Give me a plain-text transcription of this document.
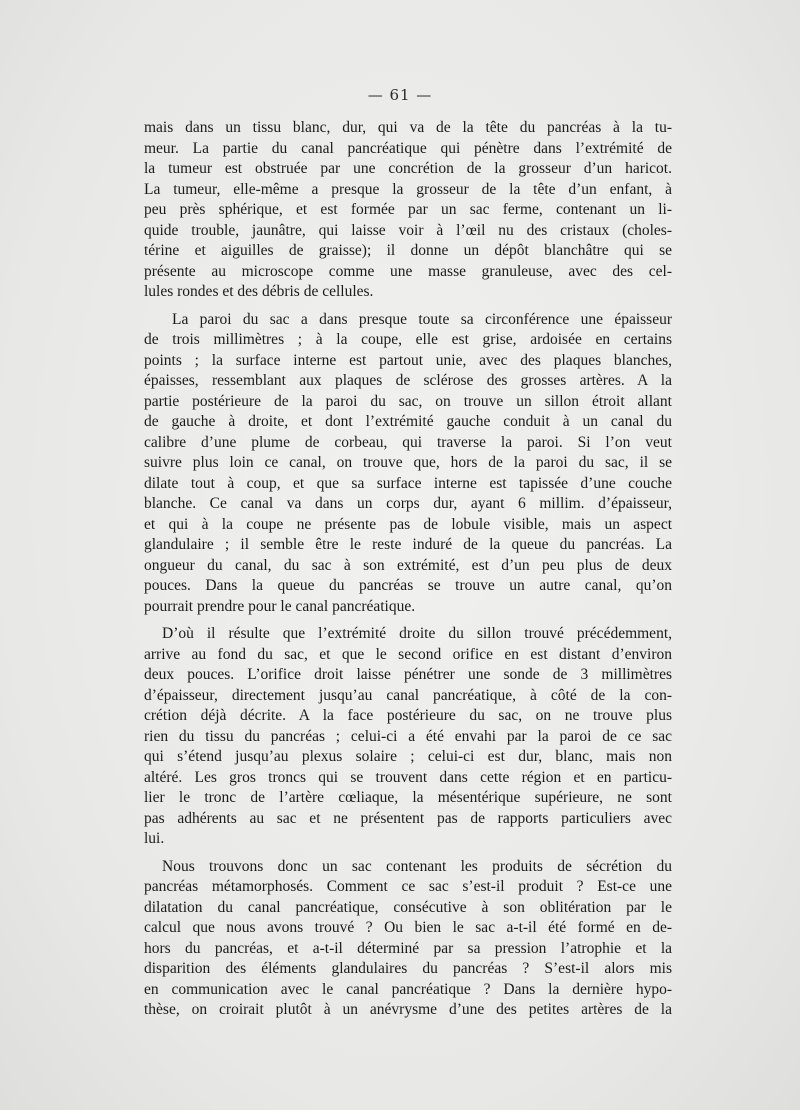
— 61 —

mais dans un tissu blanc, dur, qui va de la tête du pancréas à la tu-
meur. La partie du canal pancréatique qui pénètre dans l’extrémité de
la tumeur est obstruée par une concrétion de la grosseur d’un haricot.
La tumeur, elle-même a presque la grosseur de la tête d’un enfant, à
peu près sphérique, et est formée par un sac ferme, contenant un li-
quide trouble, jaunâtre, qui laisse voir à l’œil nu des cristaux (choles-
térine et aiguilles de graisse); il donne un dépôt blanchâtre qui se
présente au microscope comme une masse granuleuse, avec des cel-
lules rondes et des débris de cellules.

La paroi du sac a dans presque toute sa circonférence une épaisseur
de trois millimètres ; à la coupe, elle est grise, ardoisée en certains
points ; la surface interne est partout unie, avec des plaques blanches,
épaisses, ressemblant aux plaques de sclérose des grosses artères. A la
partie postérieure de la paroi du sac, on trouve un sillon étroit allant
de gauche à droite, et dont l’extrémité gauche conduit à un canal du
calibre d’une plume de corbeau, qui traverse la paroi. Si l’on veut
suivre plus loin ce canal, on trouve que, hors de la paroi du sac, il se
dilate tout à coup, et que sa surface interne est tapissée d’une couche
blanche. Ce canal va dans un corps dur, ayant 6 millim. d’épaisseur,
et qui à la coupe ne présente pas de lobule visible, mais un aspect
glandulaire ; il semble être le reste induré de la queue du pancréas. La
ongueur du canal, du sac à son extrémité, est d’un peu plus de deux
pouces. Dans la queue du pancréas se trouve un autre canal, qu’on
pourrait prendre pour le canal pancréatique.

D’où il résulte que l’extrémité droite du sillon trouvé précédemment,
arrive au fond du sac, et que le second orifice en est distant d’environ
deux pouces. L’orifice droit laisse pénétrer une sonde de 3 millimètres
d’épaisseur, directement jusqu’au canal pancréatique, à côté de la con-
crétion déjà décrite. A la face postérieure du sac, on ne trouve plus
rien du tissu du pancréas ; celui-ci a été envahi par la paroi de ce sac
qui s’étend jusqu’au plexus solaire ; celui-ci est dur, blanc, mais non
altéré. Les gros troncs qui se trouvent dans cette région et en particu-
lier le tronc de l’artère cœliaque, la mésentérique supérieure, ne sont
pas adhérents au sac et ne présentent pas de rapports particuliers avec
lui.

Nous trouvons donc un sac contenant les produits de sécrétion du
pancréas métamorphosés. Comment ce sac s’est-il produit ? Est-ce une
dilatation du canal pancréatique, consécutive à son oblitération par le
calcul que nous avons trouvé ? Ou bien le sac a-t-il été formé en de-
hors du pancréas, et a-t-il déterminé par sa pression l’atrophie et la
disparition des éléments glandulaires du pancréas ? S’est-il alors mis
en communication avec le canal pancréatique ? Dans la dernière hypo-
thèse, on croirait plutôt à un anévrysme d’une des petites artères de la
